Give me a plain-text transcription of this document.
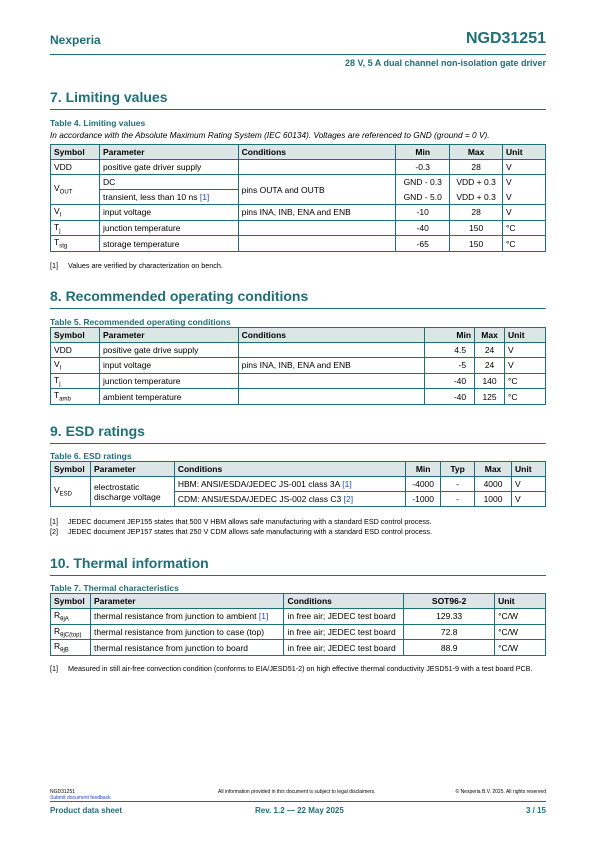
Nexperia	NGD31251
28 V, 5 A dual channel non-isolation gate driver
7. Limiting values
Table 4. Limiting values
In accordance with the Absolute Maximum Rating System (IEC 60134). Voltages are referenced to GND (ground = 0 V).
Symbol	Parameter	Conditions	Min	Max	Unit
VDD	positive gate driver supply		-0.3	28	V
$V_{OUT}$	DC	pins OUTA and OUTB	GND - 0.3	VDD + 0.3	V
	transient, less than 10 ns [1]		GND - 5.0	VDD + 0.3	V
$V_I$	input voltage	pins INA, INB, ENA and ENB	-10	28	V
$T_j$	junction temperature		-40	150	°C
$T_{stg}$	storage temperature		-65	150	°C
[1] Values are verified by characterization on bench.
8. Recommended operating conditions
Table 5. Recommended operating conditions
Symbol	Parameter	Conditions	Min	Max	Unit
VDD	positive gate drive supply		4.5	24	V
$V_I$	input voltage	pins INA, INB, ENA and ENB	-5	24	V
$T_j$	junction temperature		-40	140	°C
$T_{amb}$	ambient temperature		-40	125	°C
9. ESD ratings
Table 6. ESD ratings
Symbol	Parameter	Conditions	Min	Typ	Max	Unit
$V_{ESD}$	electrostatic discharge voltage	HBM: ANSI/ESDA/JEDEC JS-001 class 3A [1]	-4000	-	4000	V
		CDM: ANSI/ESDA/JEDEC JS-002 class C3 [2]	-1000	-	1000	V
[1] JEDEC document JEP155 states that 500 V HBM allows safe manufacturing with a standard ESD control process.
[2] JEDEC document JEP157 states that 250 V CDM allows safe manufacturing with a standard ESD control process.
10. Thermal information
Table 7. Thermal characteristics
Symbol	Parameter	Conditions	SOT96-2	Unit
$R_{\theta jA}$	thermal resistance from junction to ambient [1]	in free air; JEDEC test board	129.33	°C/W
$R_{\theta jC(top)}$	thermal resistance from junction to case (top)	in free air; JEDEC test board	72.8	°C/W
$R_{\theta jB}$	thermal resistance from junction to board	in free air; JEDEC test board	88.9	°C/W
[1] Measured in still air-free convection condition (conforms to EIA/JESD51-2) on high effective thermal conductivity JESD51-9 with a test board PCB.
NGD31251
Submit document feedback
All information provided in this document is subject to legal disclaimers.	© Nexperia B.V. 2025. All rights reserved
Product data sheet	Rev. 1.2 — 22 May 2025	3 / 15
